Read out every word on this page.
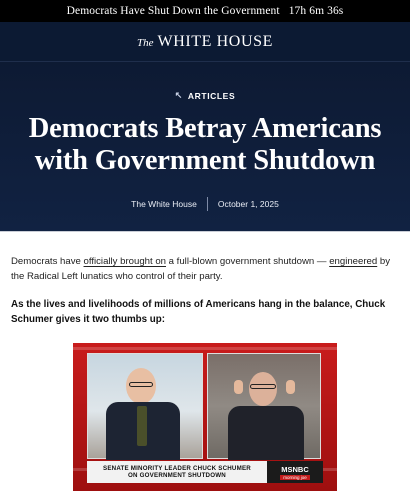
Democrats Have Shut Down the Government 17h 6m 36s
The WHITE HOUSE
↖ ARTICLES
Democrats Betray Americans
with Government Shutdown
The White House October 1, 2025

Democrats have officially brought on a full-blown government shutdown — engineered by the Radical Left lunatics who control of their party.

As the lives and livelihoods of millions of Americans hang in the balance, Chuck Schumer gives it two thumbs up:

SENATE MINORITY LEADER CHUCK SCHUMER
ON GOVERNMENT SHUTDOWN
MSNBC
morning joe
